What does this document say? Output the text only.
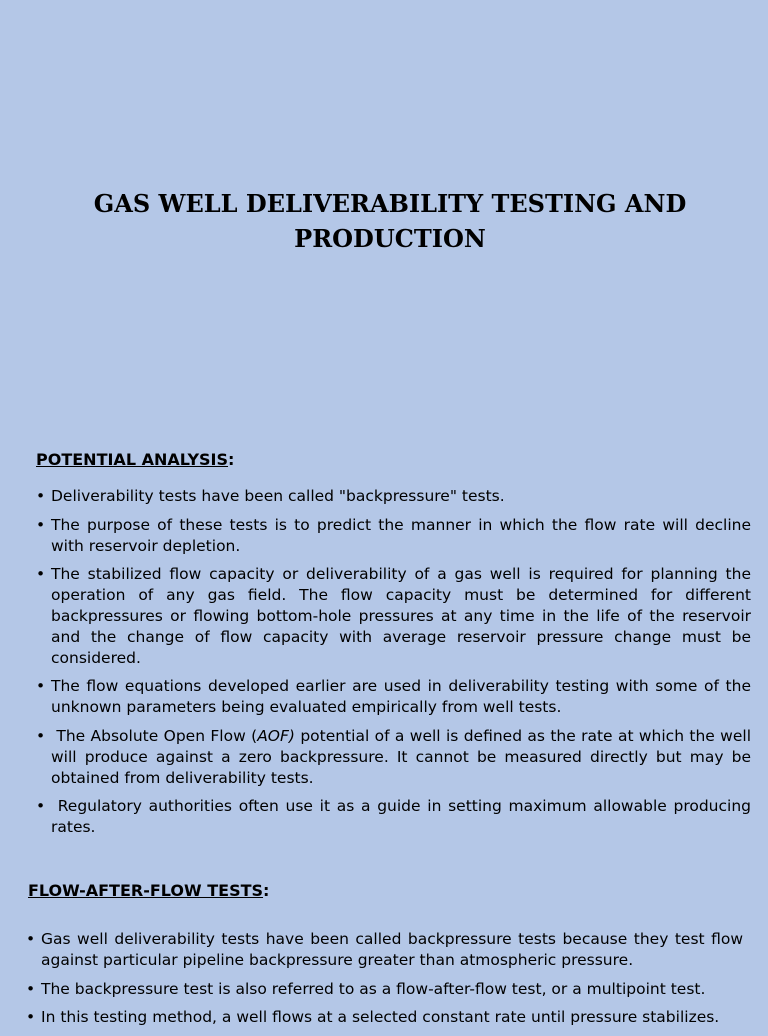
GAS WELL DELIVERABILITY TESTING AND PRODUCTION
POTENTIAL ANALYSIS:
• Deliverability tests have been called "backpressure" tests.
• The purpose of these tests is to predict the manner in which the flow rate will decline with reservoir depletion.
• The stabilized flow capacity or deliverability of a gas well is required for planning the operation of any gas field. The flow capacity must be determined for different backpressures or flowing bottom-hole pressures at any time in the life of the reservoir and the change of flow capacity with average reservoir pressure change must be considered.
• The flow equations developed earlier are used in deliverability testing with some of the unknown parameters being evaluated empirically from well tests.
•  The Absolute Open Flow (AOF) potential of a well is defined as the rate at which the well will produce against a zero backpressure. It cannot be measured directly but may be obtained from deliverability tests.
•  Regulatory authorities often use it as a guide in setting maximum allowable producing rates.
FLOW-AFTER-FLOW TESTS:
• Gas well deliverability tests have been called backpressure tests because they test flow against particular pipeline backpressure greater than atmospheric pressure.
• The backpressure test is also referred to as a flow-after-flow test, or a multipoint test.
• In this testing method, a well flows at a selected constant rate until pressure stabilizes.
